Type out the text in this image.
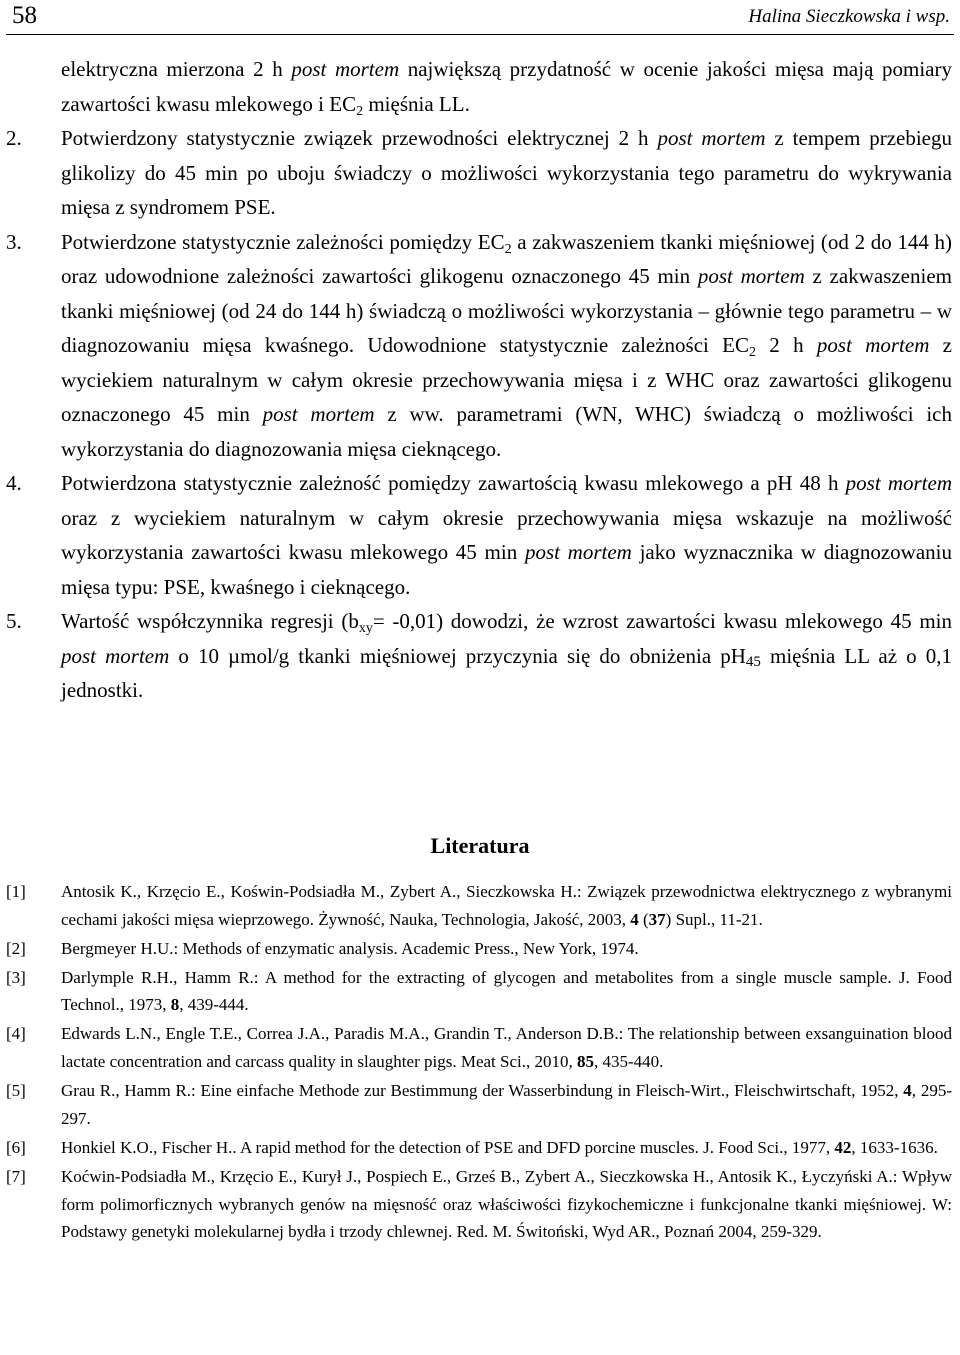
58	Halina Sieczkowska i wsp.
elektryczna mierzona 2 h post mortem największą przydatność w ocenie jakości mięsa mają pomiary zawartości kwasu mlekowego i $EC_2$ mięśnia LL.
2.	Potwierdzony statystycznie związek przewodności elektrycznej 2 h post mortem z tempem przebiegu glikolizy do 45 min po uboju świadczy o możliwości wykorzystania tego parametru do wykrywania mięsa z syndromem PSE.
3.	Potwierdzone statystycznie zależności pomiędzy $EC_2$ a zakwaszeniem tkanki mięśniowej (od 2 do 144 h) oraz udowodnione zależności zawartości glikogenu oznaczonego 45 min post mortem z zakwaszeniem tkanki mięśniowej (od 24 do 144 h) świadczą o możliwości wykorzystania – głównie tego parametru – w diagnozowaniu mięsa kwaśnego. Udowodnione statystycznie zależności $EC_2$ 2 h post mortem z wyciekiem naturalnym w całym okresie przechowywania mięsa i z WHC oraz zawartości glikogenu oznaczonego 45 min post mortem z ww. parametrami (WN, WHC) świadczą o możliwości ich wykorzystania do diagnozowania mięsa cieknącego.
4.	Potwierdzona statystycznie zależność pomiędzy zawartością kwasu mlekowego a pH 48 h post mortem oraz z wyciekiem naturalnym w całym okresie przechowywania mięsa wskazuje na możliwość wykorzystania zawartości kwasu mlekowego 45 min post mortem jako wyznacznika w diagnozowaniu mięsa typu: PSE, kwaśnego i cieknącego.
5.	Wartość współczynnika regresji $(b_{xy}= -0,01)$ dowodzi, że wzrost zawartości kwasu mlekowego 45 min post mortem o 10 µmol/g tkanki mięśniowej przyczynia się do obniżenia $pH_{45}$ mięśnia LL aż o 0,1 jednostki.
Literatura
[1]	Antosik K., Krzęcio E., Koświn-Podsiadła M., Zybert A., Sieczkowska H.: Związek przewodnictwa elektrycznego z wybranymi cechami jakości mięsa wieprzowego. Żywność, Nauka, Technologia, Jakość, 2003, 4 (37) Supl., 11-21.
[2]	Bergmeyer H.U.: Methods of enzymatic analysis. Academic Press., New York, 1974.
[3]	Darlymple R.H., Hamm R.: A method for the extracting of glycogen and metabolites from a single muscle sample. J. Food Technol., 1973, 8, 439-444.
[4]	Edwards L.N., Engle T.E., Correa J.A., Paradis M.A., Grandin T., Anderson D.B.: The relationship between exsanguination blood lactate concentration and carcass quality in slaughter pigs. Meat Sci., 2010, 85, 435-440.
[5]	Grau R., Hamm R.: Eine einfache Methode zur Bestimmung der Wasserbindung in Fleisch-Wirt., Fleischwirtschaft, 1952, 4, 295-297.
[6]	Honkiel K.O., Fischer H.. A rapid method for the detection of PSE and DFD porcine muscles. J. Food Sci., 1977, 42, 1633-1636.
[7]	Koćwin-Podsiadła M., Krzęcio E., Kurył J., Pospiech E., Grześ B., Zybert A., Sieczkowska H., Antosik K., Łyczyński A.: Wpływ form polimorficznych wybranych genów na mięsność oraz właściwości fizykochemiczne i funkcjonalne tkanki mięśniowej. W: Podstawy genetyki molekularnej bydła i trzody chlewnej. Red. M. Świtoński, Wyd AR., Poznań 2004, 259-329.
